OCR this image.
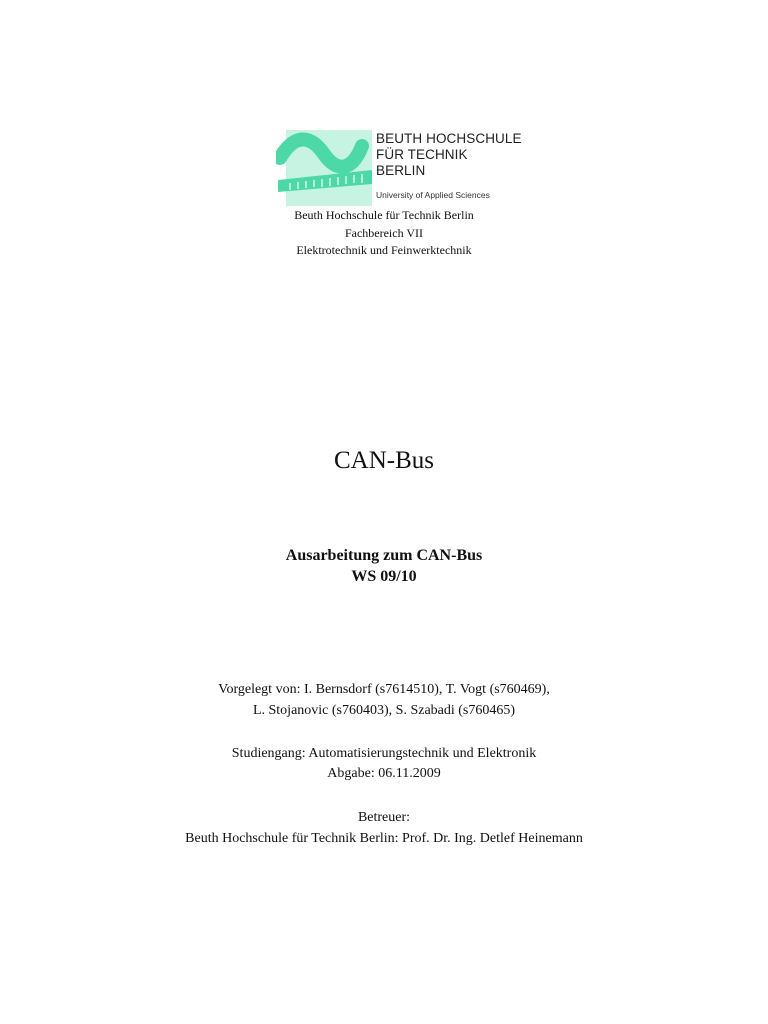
BEUTH HOCHSCHULE
FÜR TECHNIK
BERLIN
University of Applied Sciences
Beuth Hochschule für Technik Berlin
Fachbereich VII
Elektrotechnik und Feinwerktechnik
CAN-Bus
Ausarbeitung zum CAN-Bus
WS 09/10
Vorgelegt von: I. Bernsdorf (s7614510), T. Vogt (s760469),
L. Stojanovic (s760403), S. Szabadi (s760465)
Studiengang: Automatisierungstechnik und Elektronik
Abgabe: 06.11.2009
Betreuer:
Beuth Hochschule für Technik Berlin: Prof. Dr. Ing. Detlef Heinemann
